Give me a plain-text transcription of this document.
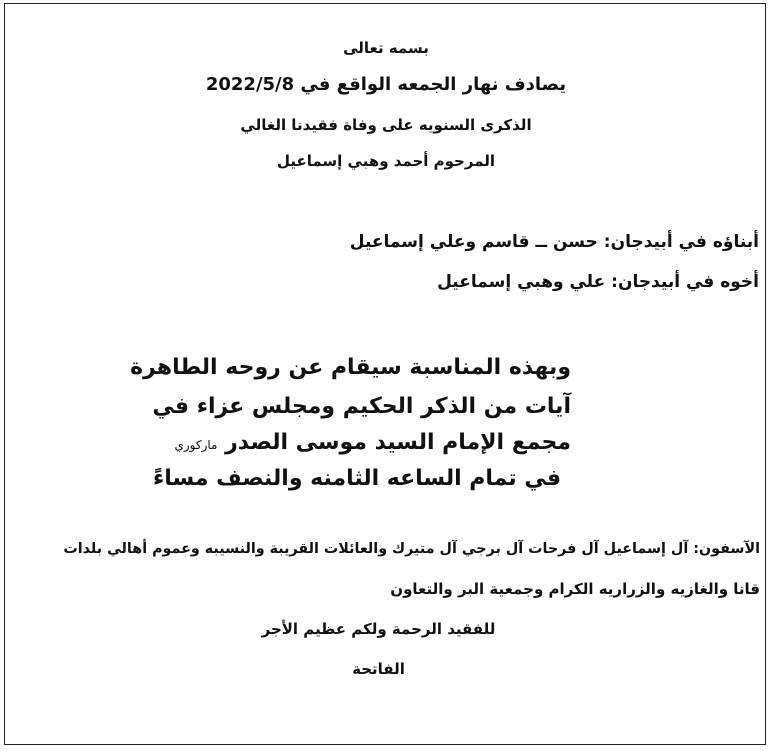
بسمه تعالى
يصادف نهار الجمعه الواقع في 2022/5/8
الذكرى السنويه على وفاة فقيدنا الغالي
المرحوم أحمد وهبي إسماعيل
أبناؤه في أبيدجان: حسن ــ قاسم وعلي إسماعيل
أخوه في أبيدجان: علي وهبي إسماعيل
وبهذه المناسبة سيقام عن روحه الطاهرة
آيات من الذكر الحكيم ومجلس عزاء في
مجمع الإمام السيد موسى الصدر ماركوري
في تمام الساعه الثامنه والنصف مساءً
الآسفون: آل إسماعيل آل فرحات آل برجي آل متيرك والعائلات القريبة والنسيبه وعموم أهالي بلدات
قانا والغازيه والزراريه الكرام وجمعية البر والتعاون
للفقيد الرحمة ولكم عظيم الأجر
الفاتحة
